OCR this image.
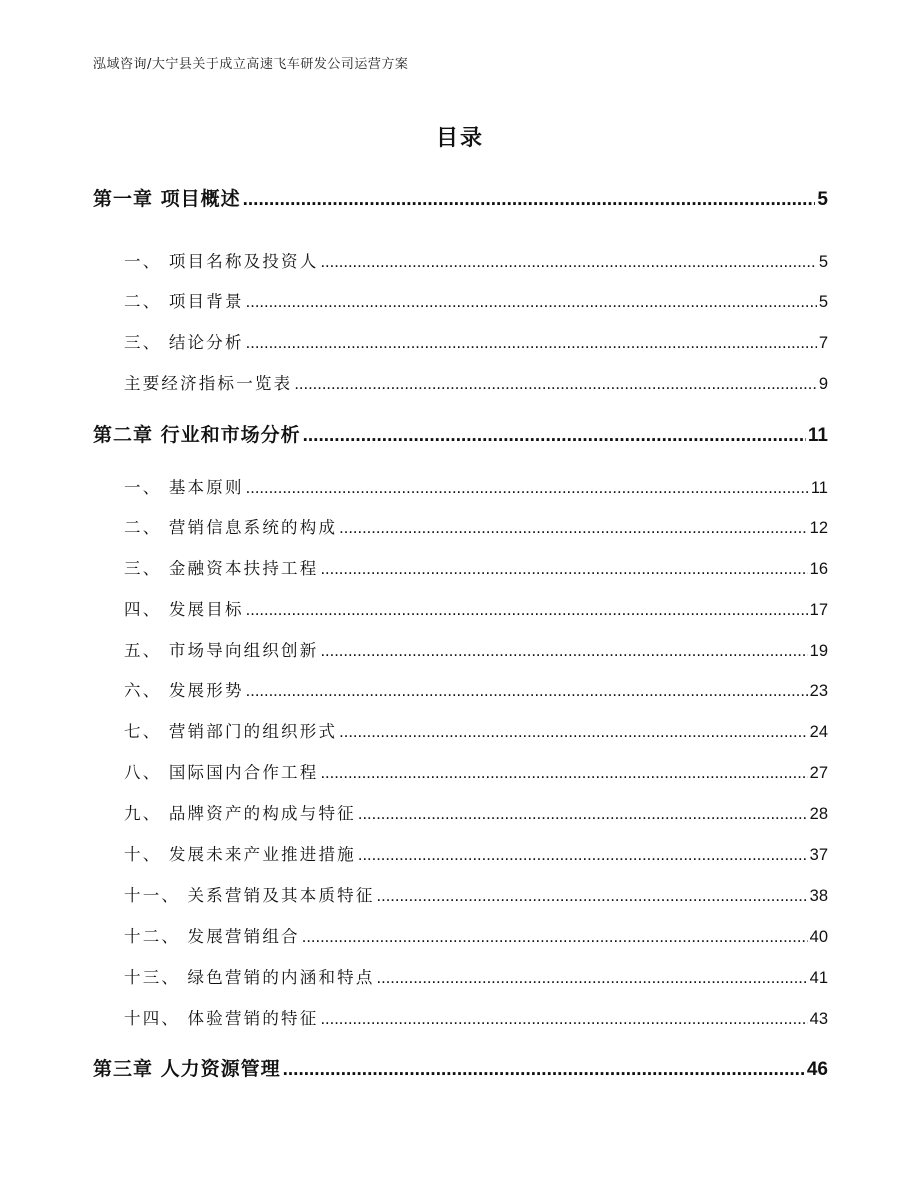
泓域咨询/大宁县关于成立高速飞车研发公司运营方案
目录
第一章 项目概述 .....	5
一、 项目名称及投资人 .....	5
二、 项目背景 .....	5
三、 结论分析 .....	7
主要经济指标一览表 .....	9
第二章 行业和市场分析 .....	11
一、 基本原则 .....	11
二、 营销信息系统的构成 .....	12
三、 金融资本扶持工程 .....	16
四、 发展目标 .....	17
五、 市场导向组织创新 .....	19
六、 发展形势 .....	23
七、 营销部门的组织形式 .....	24
八、 国际国内合作工程 .....	27
九、 品牌资产的构成与特征 .....	28
十、 发展未来产业推进措施 .....	37
十一、 关系营销及其本质特征 .....	38
十二、 发展营销组合 .....	40
十三、 绿色营销的内涵和特点 .....	41
十四、 体验营销的特征 .....	43
第三章 人力资源管理 .....	46
